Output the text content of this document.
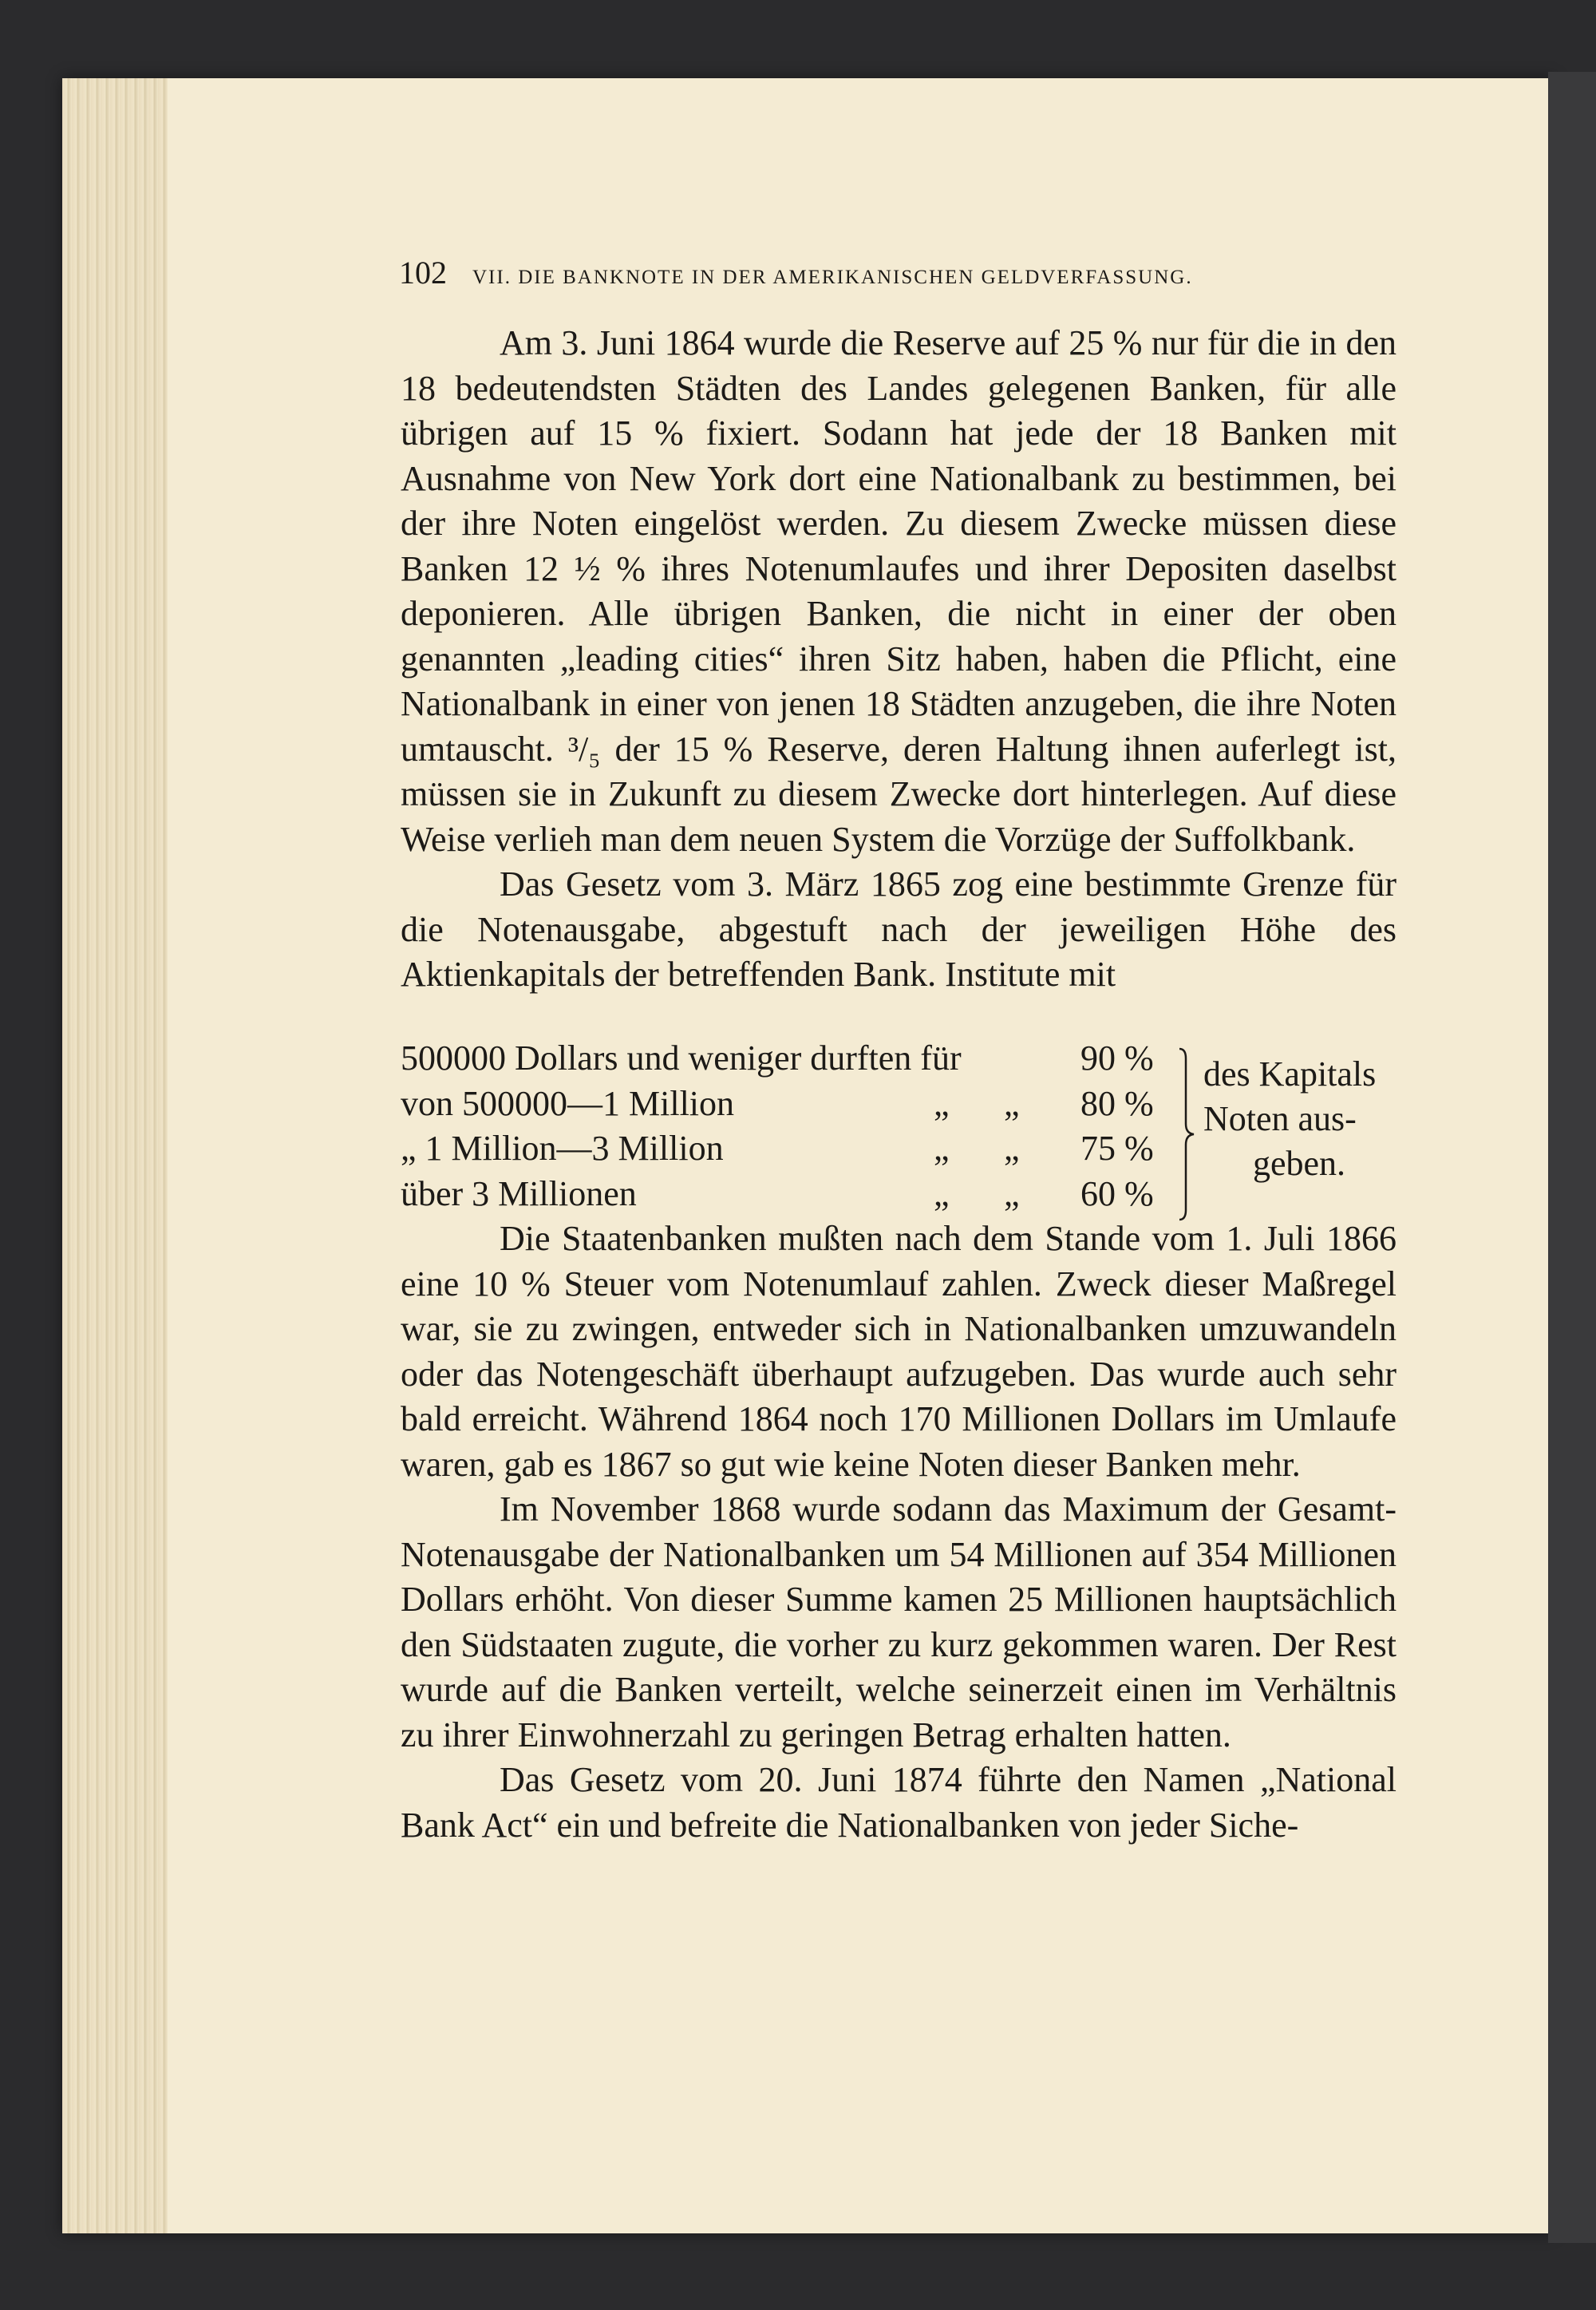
102	VII. DIE BANKNOTE IN DER AMERIKANISCHEN GELDVERFASSUNG.

Am 3. Juni 1864 wurde die Reserve auf 25 % nur für die in den 18 bedeutendsten Städten des Landes gelegenen Banken, für alle übrigen auf 15 % fixiert. Sodann hat jede der 18 Banken mit Ausnahme von New York dort eine Nationalbank zu bestimmen, bei der ihre Noten eingelöst werden. Zu diesem Zwecke müssen diese Banken 12 ½ % ihres Notenumlaufes und ihrer Depositen daselbst deponieren. Alle übrigen Banken, die nicht in einer der oben genannten „leading cities“ ihren Sitz haben, haben die Pflicht, eine Nationalbank in einer von jenen 18 Städten anzugeben, die ihre Noten umtauscht. ³/₅ der 15 % Reserve, deren Haltung ihnen auferlegt ist, müssen sie in Zukunft zu diesem Zwecke dort hinterlegen. Auf diese Weise verlieh man dem neuen System die Vorzüge der Suffolkbank.

Das Gesetz vom 3. März 1865 zog eine bestimmte Grenze für die Notenausgabe, abgestuft nach der jeweiligen Höhe des Aktienkapitals der betreffenden Bank. Institute mit

500000 Dollars und weniger durften für	90 %
von 500000—1 Million	„ „ 80 %
„ 1 Million—3 Million	„ „ 75 %
über 3 Millionen	„ „ 60 %
des Kapitals
Noten aus-
geben.

Die Staatenbanken mußten nach dem Stande vom 1. Juli 1866 eine 10 % Steuer vom Notenumlauf zahlen. Zweck dieser Maßregel war, sie zu zwingen, entweder sich in Nationalbanken umzuwandeln oder das Notengeschäft überhaupt aufzugeben. Das wurde auch sehr bald erreicht. Während 1864 noch 170 Millionen Dollars im Umlaufe waren, gab es 1867 so gut wie keine Noten dieser Banken mehr.

Im November 1868 wurde sodann das Maximum der Gesamt-Notenausgabe der Nationalbanken um 54 Millionen auf 354 Millionen Dollars erhöht. Von dieser Summe kamen 25 Millionen hauptsächlich den Südstaaten zugute, die vorher zu kurz gekommen waren. Der Rest wurde auf die Banken verteilt, welche seinerzeit einen im Verhältnis zu ihrer Einwohnerzahl zu geringen Betrag erhalten hatten.

Das Gesetz vom 20. Juni 1874 führte den Namen „National Bank Act“ ein und befreite die Nationalbanken von jeder Siche-
